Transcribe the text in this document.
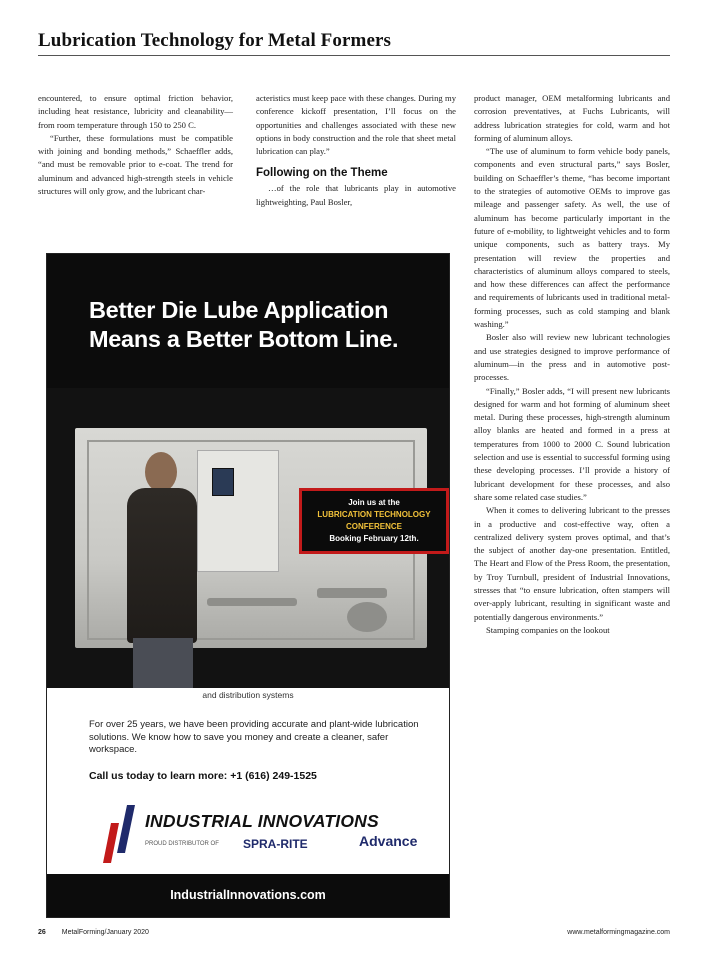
Lubrication Technology for Metal Formers

encountered, to ensure optimal friction behavior, including heat resistance, lubricity and cleanability—from room temperature through 150 to 250 C.

“Further, these formulations must be compatible with joining and bonding methods,” Schaeffler adds, “and must be removable prior to e-coat. The trend for aluminum and advanced high-strength steels in vehicle structures will only grow, and the lubricant char-

acteristics must keep pace with these changes. During my conference kickoff presentation, I’ll focus on the opportunities and challenges associated with these new options in body construction and the role that sheet metal lubrication can play.”

Following on the Theme

…of the role that lubricants play in automotive lightweighting, Paul Bosler,

product manager, OEM metalforming lubricants and corrosion preventatives, at Fuchs Lubricants, will address lubrication strategies for cold, warm and hot forming of aluminum alloys.

“The use of aluminum to form vehicle body panels, components and even structural parts,” says Bosler, building on Schaeffler’s theme, “has become important to the strategies of automotive OEMs to improve gas mileage and passenger safety. As well, the use of aluminum has become particularly important in the future of e-mobility, to lightweight vehicles and to form unique components, such as battery trays. My presentation will review the properties and characteristics of aluminum alloys compared to steels, and how these differences can affect the performance and requirements of lubricants used in traditional metal-forming processes, such as cold stamping and blank washing.”

Bosler also will review new lubricant technologies and use strategies designed to improve performance of aluminum—in the press and in automotive post-processes.

“Finally,” Bosler adds, “I will present new lubricants designed for warm and hot forming of aluminum sheet metal. During these processes, high-strength aluminum alloy blanks are heated and formed in a press at temperatures from 1000 to 2000 C. Sound lubrication selection and use is essential to successful forming using these developing processes. I’ll provide a history of lubricant development for these processes, and also share some related case studies.”

When it comes to delivering lubricant to the presses in a productive and cost-effective way, often a centralized delivery system proves optimal, and that’s the subject of another day-one presentation. Entitled, The Heart and Flow of the Press Room, the presentation, by Troy Turnbull, president of Industrial Innovations, stresses that “to ensure lubrication, often stampers will over-apply lubricant, resulting in significant waste and potentially dangerous environments.”

Stamping companies on the lookout

Better Die Lube Application
Means a Better Bottom Line.
Join us at the
LUBRICATION TECHNOLOGY
CONFERENCE
Booking February 12th.
and distribution systems
For over 25 years, we have been providing accurate and plant-wide lubrication solutions. We know how to save you money and create a cleaner, safer workspace.
Call us today to learn more: +1 (616) 249-1525
INDUSTRIAL INNOVATIONS
PROUD DISTRIBUTOR OF	SPRA-RITE	Advance
IndustrialInnovations.com
26 MetalForming/January 2020	www.metalformingmagazine.com
